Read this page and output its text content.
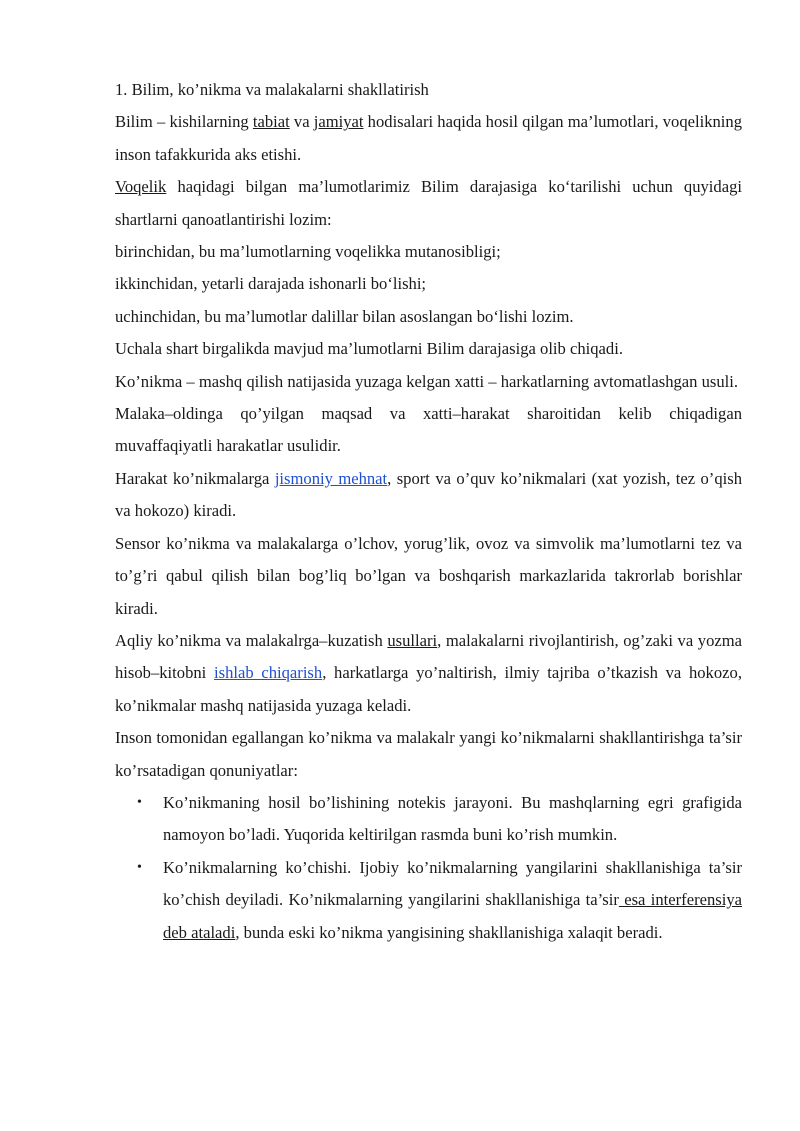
1. Bilim, ko’nikma va malakalarni shakllatirish

Bilim – kishilarning tabiat va jamiyat hodisalari haqida hosil qilgan ma’lumotlari, voqelikning inson tafakkurida aks etishi.

Voqelik haqidagi bilgan ma’lumotlarimiz Bilim darajasiga ko‘tarilishi uchun quyidagi shartlarni qanoatlantirishi lozim:

birinchidan, bu ma’lumotlarning voqelikka mutanosibligi;

ikkinchidan, yetarli darajada ishonarli bo‘lishi;

uchinchidan, bu ma’lumotlar dalillar bilan asoslangan bo‘lishi lozim.

Uchala shart birgalikda mavjud ma’lumotlarni Bilim darajasiga olib chiqadi.

Ko’nikma – mashq qilish natijasida yuzaga kelgan xatti – harkatlarning avtomatlashgan usuli.

Malaka–oldinga qo’yilgan maqsad va xatti–harakat sharoitidan kelib chiqadigan muvaffaqiyatli harakatlar usulidir.

Harakat ko’nikmalarga jismoniy mehnat, sport va o’quv ko’nikmalari (xat yozish, tez o’qish va hokozo) kiradi.

Sensor ko’nikma va malakalarga o’lchov, yorug’lik, ovoz va simvolik ma’lumotlarni tez va to’g’ri qabul qilish bilan bog’liq bo’lgan va boshqarish markazlarida takrorlab borishlar kiradi.

Aqliy ko’nikma va malakalrga–kuzatish usullari, malakalarni rivojlantirish, og’zaki va yozma hisob–kitobni ishlab chiqarish, harkatlarga yo’naltirish, ilmiy tajriba o’tkazish va hokozo, ko’nikmalar mashq natijasida yuzaga keladi.

Inson tomonidan egallangan ko’nikma va malakalr yangi ko’nikmalarni shakllantirishga ta’sir ko’rsatadigan qonuniyatlar:

• Ko’nikmaning hosil bo’lishining notekis jarayoni. Bu mashqlarning egri grafigida namoyon bo’ladi. Yuqorida keltirilgan rasmda buni ko’rish mumkin.
• Ko’nikmalarning ko’chishi. Ijobiy ko’nikmalarning yangilarini shakllanishiga ta’sir ko’chish deyiladi. Ko’nikmalarning yangilarini shakllanishiga ta’sir esa interferensiya deb ataladi, bunda eski ko’nikma yangisining shakllanishiga xalaqit beradi.
